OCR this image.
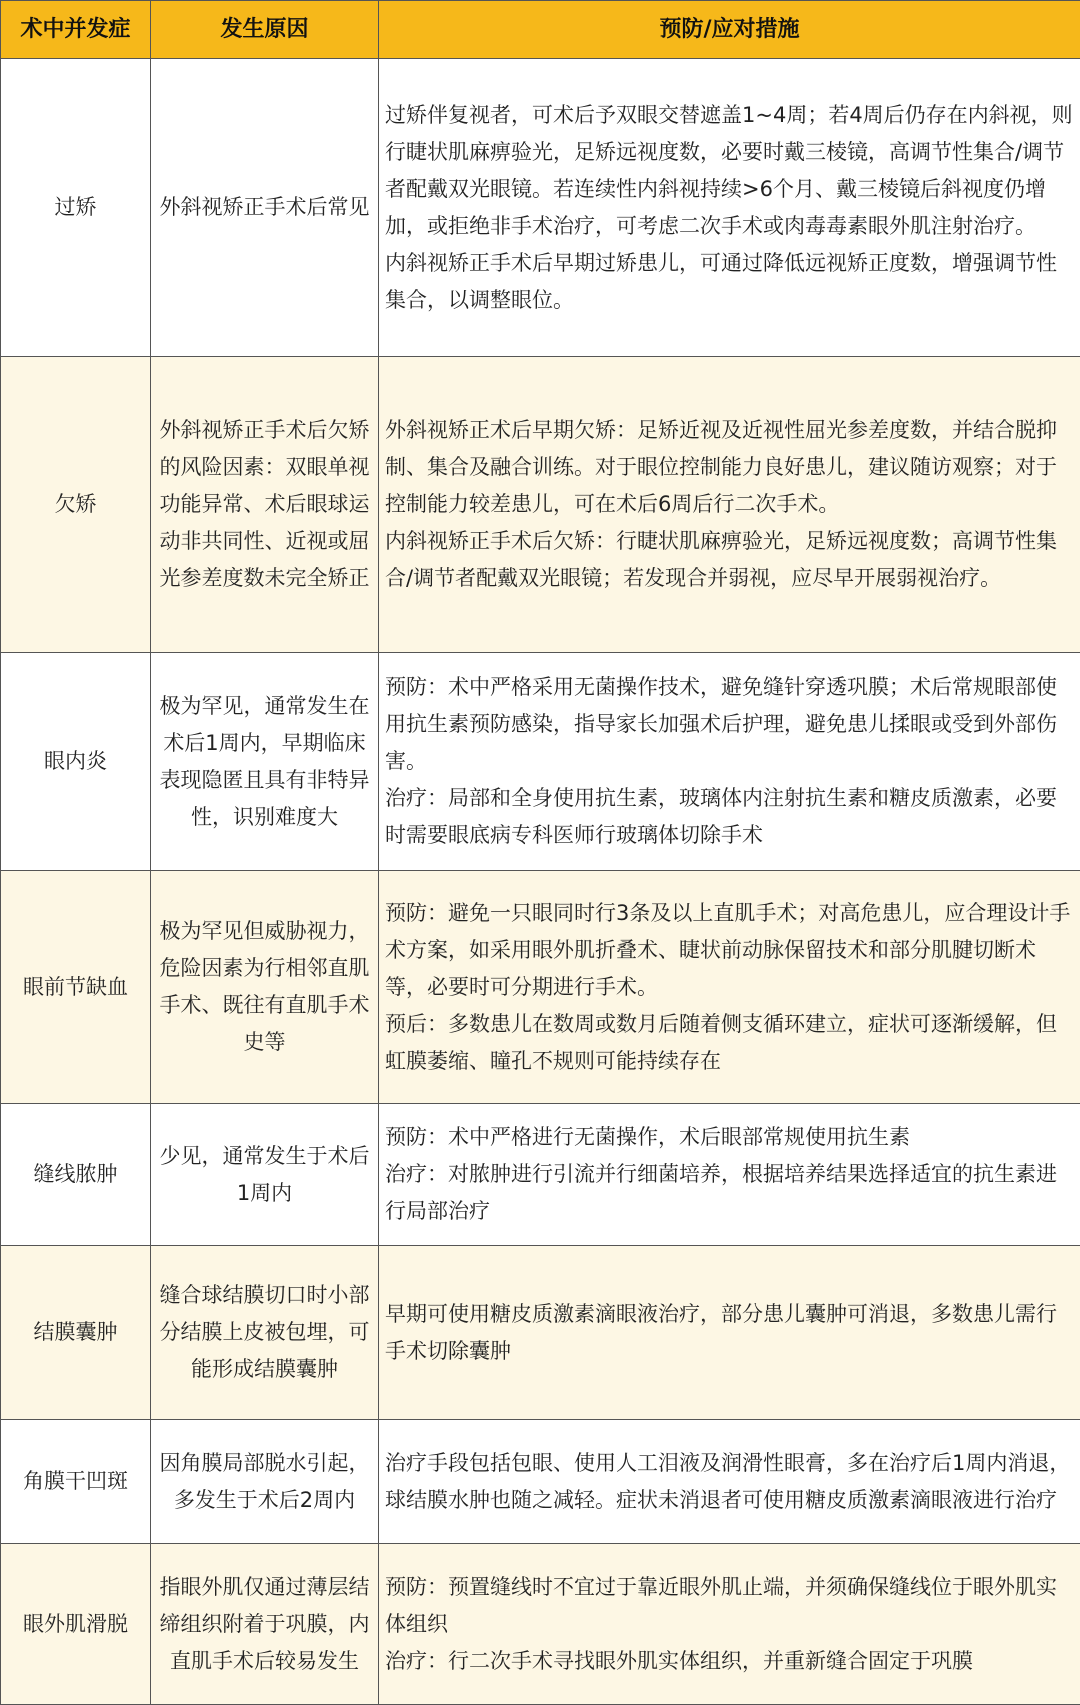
术中并发症	发生原因	预防/应对措施
过矫	外斜视矫正手术后常见	过矫伴复视者，可术后予双眼交替遮盖1~4周；若4周后仍存在内斜视，则行睫状肌麻痹验光，足矫远视度数，必要时戴三棱镜，高调节性集合/调节者配戴双光眼镜。若连续性内斜视持续>6个月、戴三棱镜后斜视度仍增加，或拒绝非手术治疗，可考虑二次手术或肉毒毒素眼外肌注射治疗。
内斜视矫正手术后早期过矫患儿，可通过降低远视矫正度数，增强调节性集合，以调整眼位。

欠矫	外斜视矫正手术后欠矫的风险因素：双眼单视功能异常、术后眼球运动非共同性、近视或屈光参差度数未完全矫正	外斜视矫正术后早期欠矫：足矫近视及近视性屈光参差度数，并结合脱抑制、集合及融合训练。对于眼位控制能力良好患儿，建议随访观察；对于控制能力较差患儿，可在术后6周后行二次手术。
内斜视矫正手术后欠矫：行睫状肌麻痹验光，足矫远视度数；高调节性集合/调节者配戴双光眼镜；若发现合并弱视，应尽早开展弱视治疗。

眼内炎	极为罕见，通常发生在术后1周内，早期临床表现隐匿且具有非特异性，识别难度大	预防：术中严格采用无菌操作技术，避免缝针穿透巩膜；术后常规眼部使用抗生素预防感染，指导家长加强术后护理，避免患儿揉眼或受到外部伤害。
治疗：局部和全身使用抗生素，玻璃体内注射抗生素和糖皮质激素，必要时需要眼底病专科医师行玻璃体切除手术

眼前节缺血	极为罕见但威胁视力，危险因素为行相邻直肌手术、既往有直肌手术史等	预防：避免一只眼同时行3条及以上直肌手术；对高危患儿，应合理设计手术方案，如采用眼外肌折叠术、睫状前动脉保留技术和部分肌腱切断术等，必要时可分期进行手术。
预后：多数患儿在数周或数月后随着侧支循环建立，症状可逐渐缓解，但虹膜萎缩、瞳孔不规则可能持续存在

缝线脓肿	少见，通常发生于术后1周内	预防：术中严格进行无菌操作，术后眼部常规使用抗生素
治疗：对脓肿进行引流并行细菌培养，根据培养结果选择适宜的抗生素进行局部治疗

结膜囊肿	缝合球结膜切口时小部分结膜上皮被包埋，可能形成结膜囊肿	早期可使用糖皮质激素滴眼液治疗，部分患儿囊肿可消退，多数患儿需行手术切除囊肿

角膜干凹斑	因角膜局部脱水引起，多发生于术后2周内	治疗手段包括包眼、使用人工泪液及润滑性眼膏，多在治疗后1周内消退，球结膜水肿也随之减轻。症状未消退者可使用糖皮质激素滴眼液进行治疗

眼外肌滑脱	指眼外肌仅通过薄层结缔组织附着于巩膜，内直肌手术后较易发生	预防：预置缝线时不宜过于靠近眼外肌止端，并须确保缝线位于眼外肌实体组织
治疗：行二次手术寻找眼外肌实体组织，并重新缝合固定于巩膜
